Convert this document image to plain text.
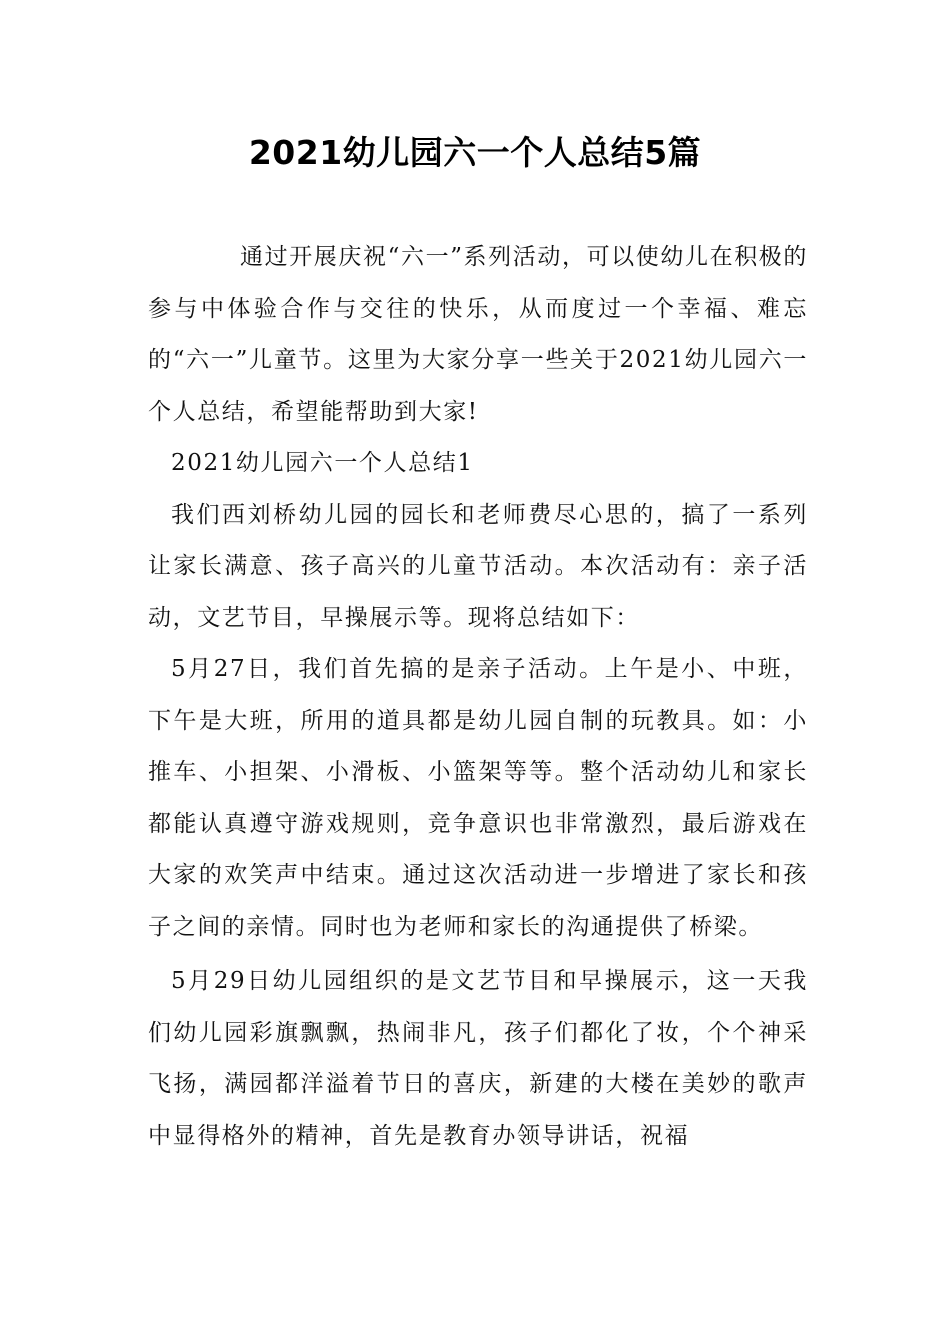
2021幼儿园六一个人总结5篇

通过开展庆祝“六一”系列活动，可以使幼儿在积极的参与中体验合作与交往的快乐，从而度过一个幸福、难忘的“六一”儿童节。这里为大家分享一些关于2021幼儿园六一个人总结，希望能帮助到大家!

2021幼儿园六一个人总结1

我们西刘桥幼儿园的园长和老师费尽心思的，搞了一系列让家长满意、孩子高兴的儿童节活动。本次活动有：亲子活动，文艺节目，早操展示等。现将总结如下：

5月27日，我们首先搞的是亲子活动。上午是小、中班，下午是大班，所用的道具都是幼儿园自制的玩教具。如：小推车、小担架、小滑板、小篮架等等。整个活动幼儿和家长都能认真遵守游戏规则，竞争意识也非常激烈，最后游戏在大家的欢笑声中结束。通过这次活动进一步增进了家长和孩子之间的亲情。同时也为老师和家长的沟通提供了桥梁。

5月29日幼儿园组织的是文艺节目和早操展示，这一天我们幼儿园彩旗飘飘，热闹非凡，孩子们都化了妆，个个神采飞扬，满园都洋溢着节日的喜庆，新建的大楼在美妙的歌声中显得格外的精神，首先是教育办领导讲话，祝福
